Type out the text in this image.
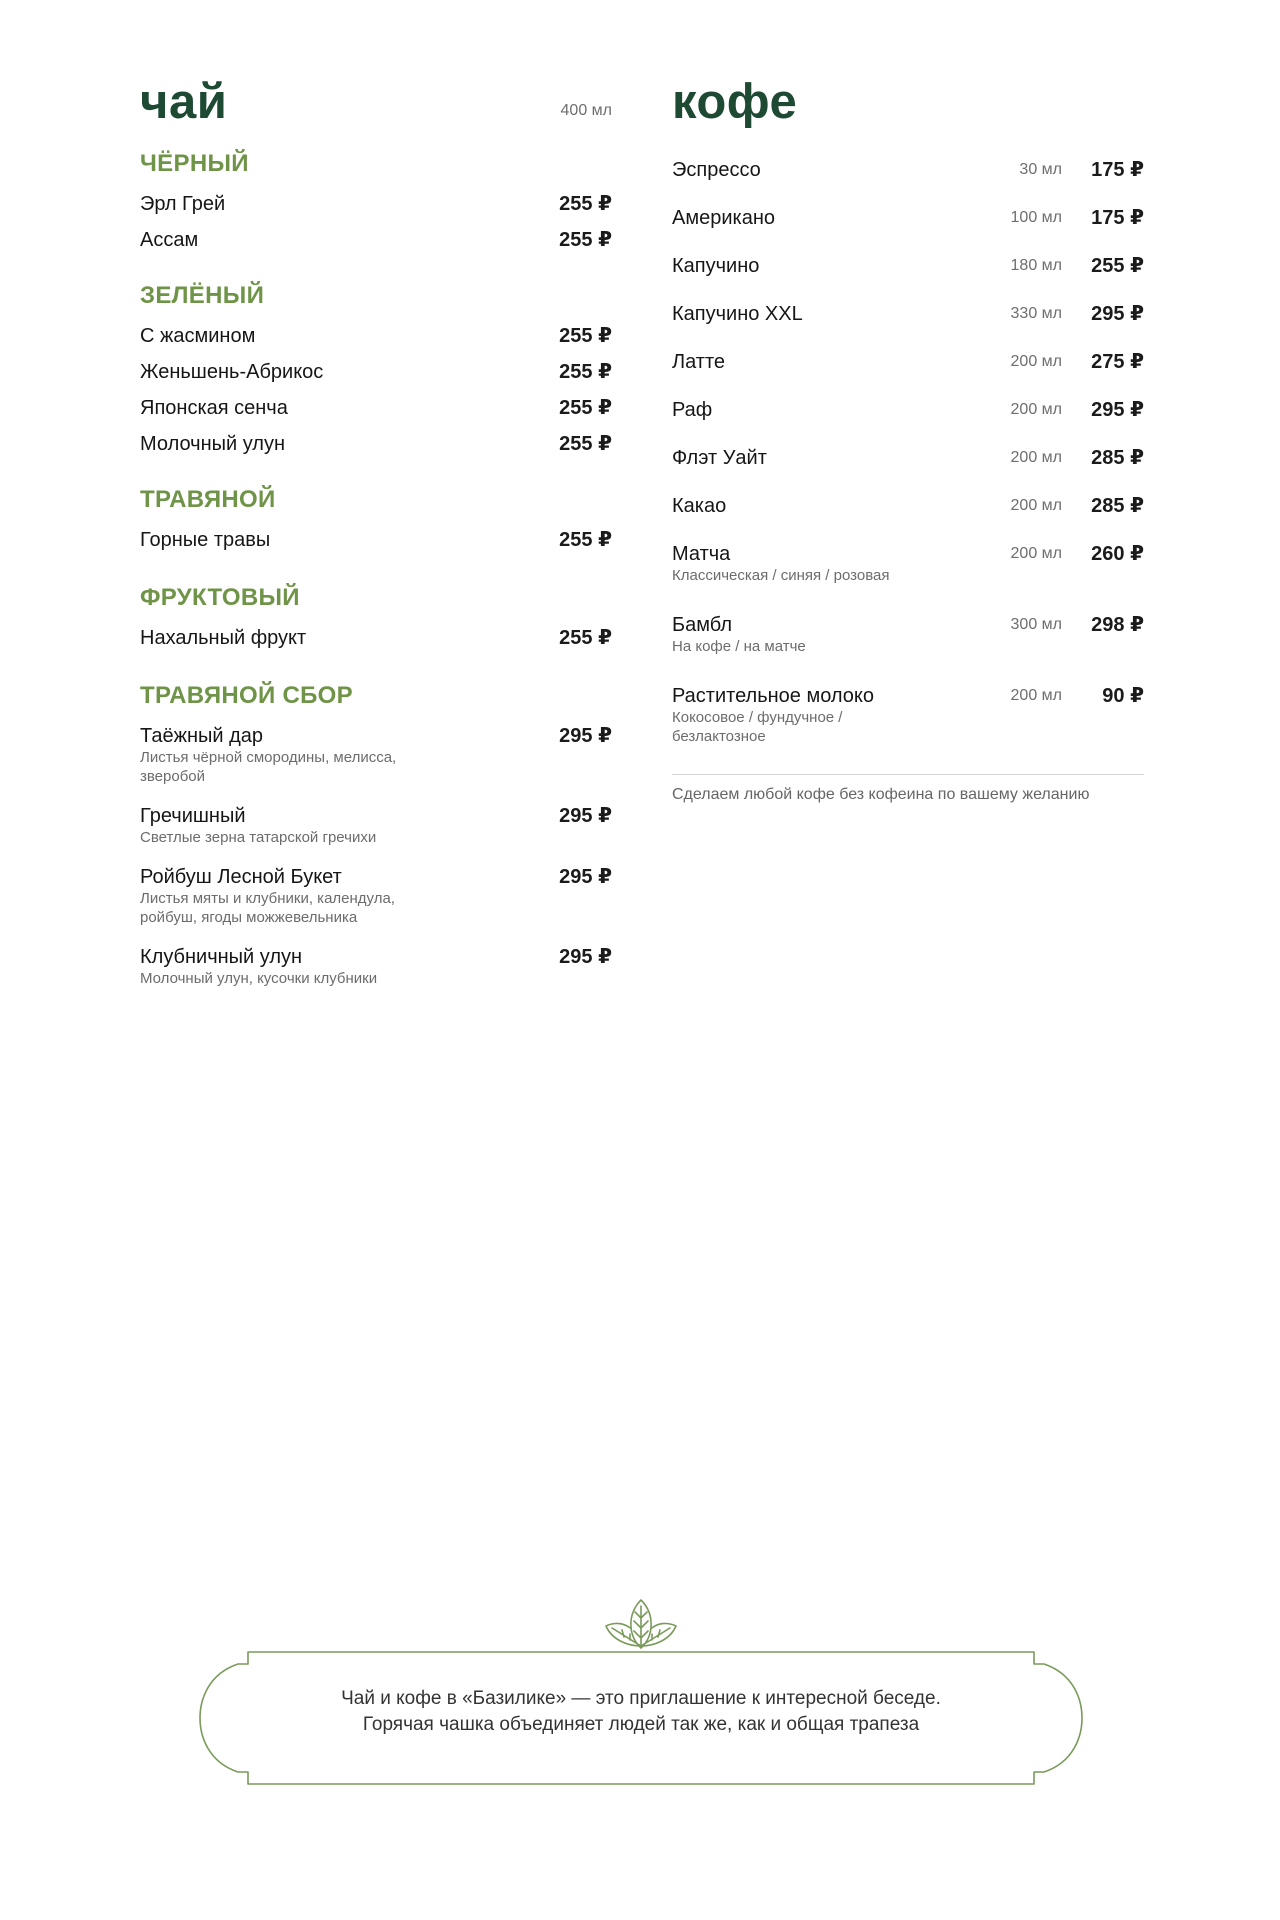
чай	400 мл
ЧЁРНЫЙ
Эрл Грей	255 ₽
Ассам	255 ₽
ЗЕЛЁНЫЙ
С жасмином	255 ₽
Женьшень-Абрикос	255 ₽
Японская сенча	255 ₽
Молочный улун	255 ₽
ТРАВЯНОЙ
Горные травы	255 ₽
ФРУКТОВЫЙ
Нахальный фрукт	255 ₽
ТРАВЯНОЙ СБОР
Таёжный дар
Листья чёрной смородины, мелисса, зверобой
295 ₽
Гречишный
Светлые зерна татарской гречихи
295 ₽
Ройбуш Лесной Букет
Листья мяты и клубники, календула, ройбуш, ягоды можжевельника
295 ₽
Клубничный улун
Молочный улун, кусочки клубники
295 ₽
кофе
Эспрессо	30 мл 175 ₽
Американо	100 мл 175 ₽
Капучино	180 мл 255 ₽
Капучино XXL	330 мл 295 ₽
Латте	200 мл 275 ₽
Раф	200 мл 295 ₽
Флэт Уайт	200 мл 285 ₽
Какао	200 мл 285 ₽
Матча
Классическая / синяя / розовая
200 мл 260 ₽
Бамбл
На кофе / на матче
300 мл 298 ₽
Растительное молоко
Кокосовое / фундучное / безлактозное
200 мл 90 ₽
Сделаем любой кофе без кофеина по вашему желанию
Чай и кофе в «Базилике» — это приглашение к интересной беседе.
Горячая чашка объединяет людей так же, как и общая трапеза
